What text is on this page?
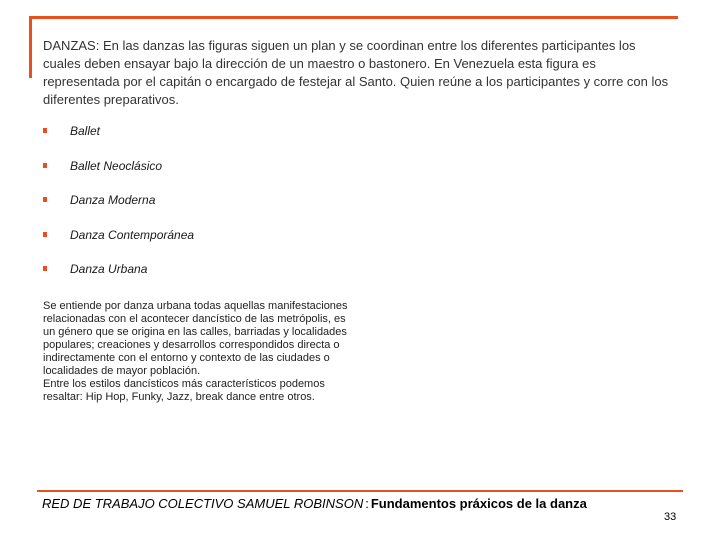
DANZAS: En las danzas las figuras siguen un plan y se coordinan entre los diferentes participantes los cuales deben ensayar bajo la dirección de un maestro o bastonero. En Venezuela esta figura es representada por el capitán o encargado de festejar al Santo. Quien reúne a los participantes y corre con los diferentes preparativos.
Ballet
Ballet Neoclásico
Danza Moderna
Danza Contemporánea
Danza Urbana

Se entiende por danza urbana todas aquellas manifestaciones relacionadas con el acontecer dancístico de las metrópolis, es un género que se origina en las calles, barriadas y localidades populares; creaciones y desarrollos correspondidos directa o indirectamente con el entorno y contexto de las ciudades o localidades de mayor población.

Entre los estilos dancísticos más característicos podemos resaltar: Hip Hop, Funky, Jazz, break dance entre otros.

RED DE TRABAJO COLECTIVO SAMUEL ROBINSON : Fundamentos práxicos de la danza
33
